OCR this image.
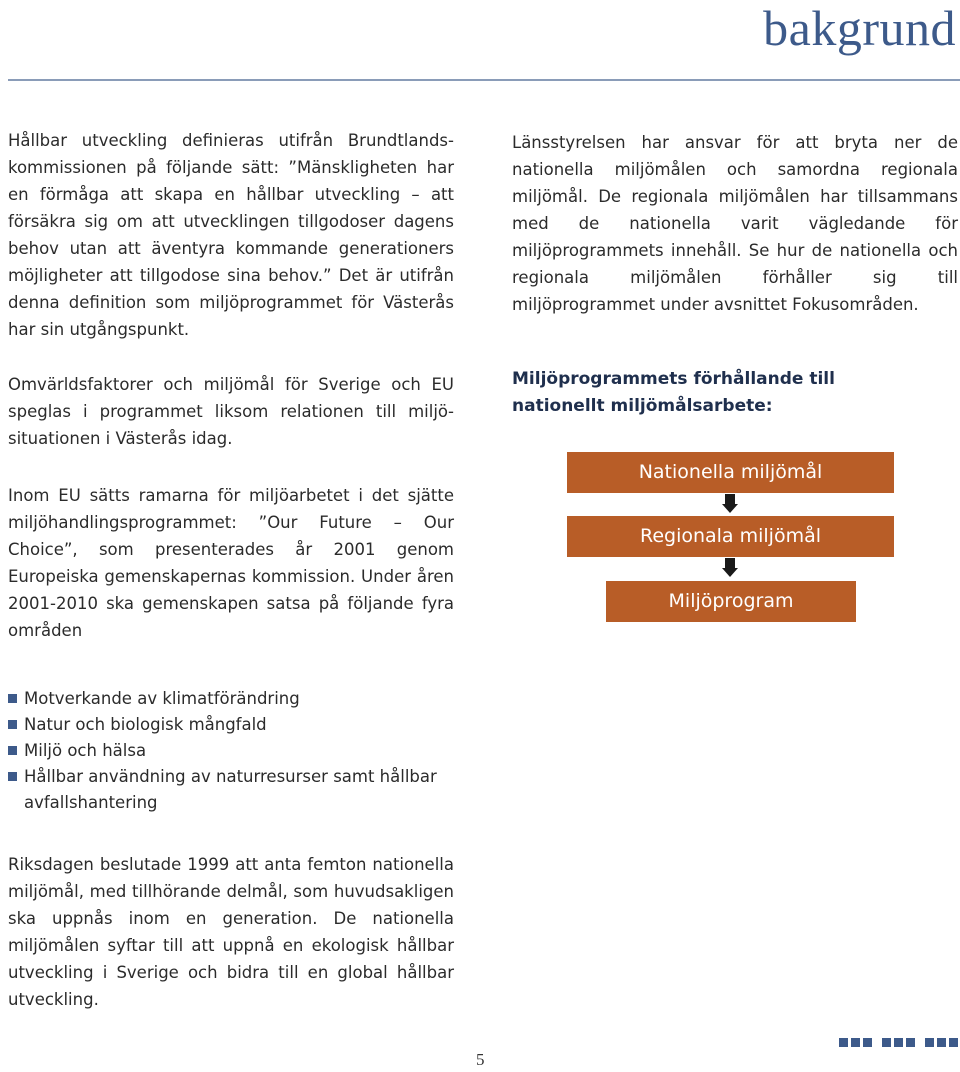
bakgrund

Hållbar utveckling definieras utifrån Brundtlandskommissionen på följande sätt: ”Mänskligheten har en förmåga att skapa en hållbar utveckling – att försäkra sig om att utvecklingen tillgodoser dagens behov utan att äventyra kommande generationers möjligheter att tillgodose sina behov.” Det är utifrån denna definition som miljöprogrammet för Västerås har sin utgångspunkt.

Omvärldsfaktorer och miljömål för Sverige och EU speglas i programmet liksom relationen till miljösituationen i Västerås idag.

Inom EU sätts ramarna för miljöarbetet i det sjätte miljöhandlingsprogrammet: ”Our Future – Our Choice”, som presenterades år 2001 genom Europeiska gemenskapernas kommission. Under åren 2001-2010 ska gemenskapen satsa på följande fyra områden

Motverkande av klimatförändring
Natur och biologisk mångfald
Miljö och hälsa
Hållbar användning av naturresurser samt hållbar avfallshantering

Riksdagen beslutade 1999 att anta femton nationella miljömål, med tillhörande delmål, som huvudsakligen ska uppnås inom en generation. De nationella miljömålen syftar till att uppnå en ekologisk hållbar utveckling i Sverige och bidra till en global hållbar utveckling.

Länsstyrelsen har ansvar för att bryta ner de nationella miljömålen och samordna regionala miljömål. De regionala miljömålen har tillsammans med de nationella varit vägledande för miljöprogrammets innehåll. Se hur de nationella och regionala miljömålen förhåller sig till miljöprogrammet under avsnittet Fokusområden.

Miljöprogrammets förhållande till
nationellt miljömålsarbete:
Nationella miljömål
Regionala miljömål
Miljöprogram
5
